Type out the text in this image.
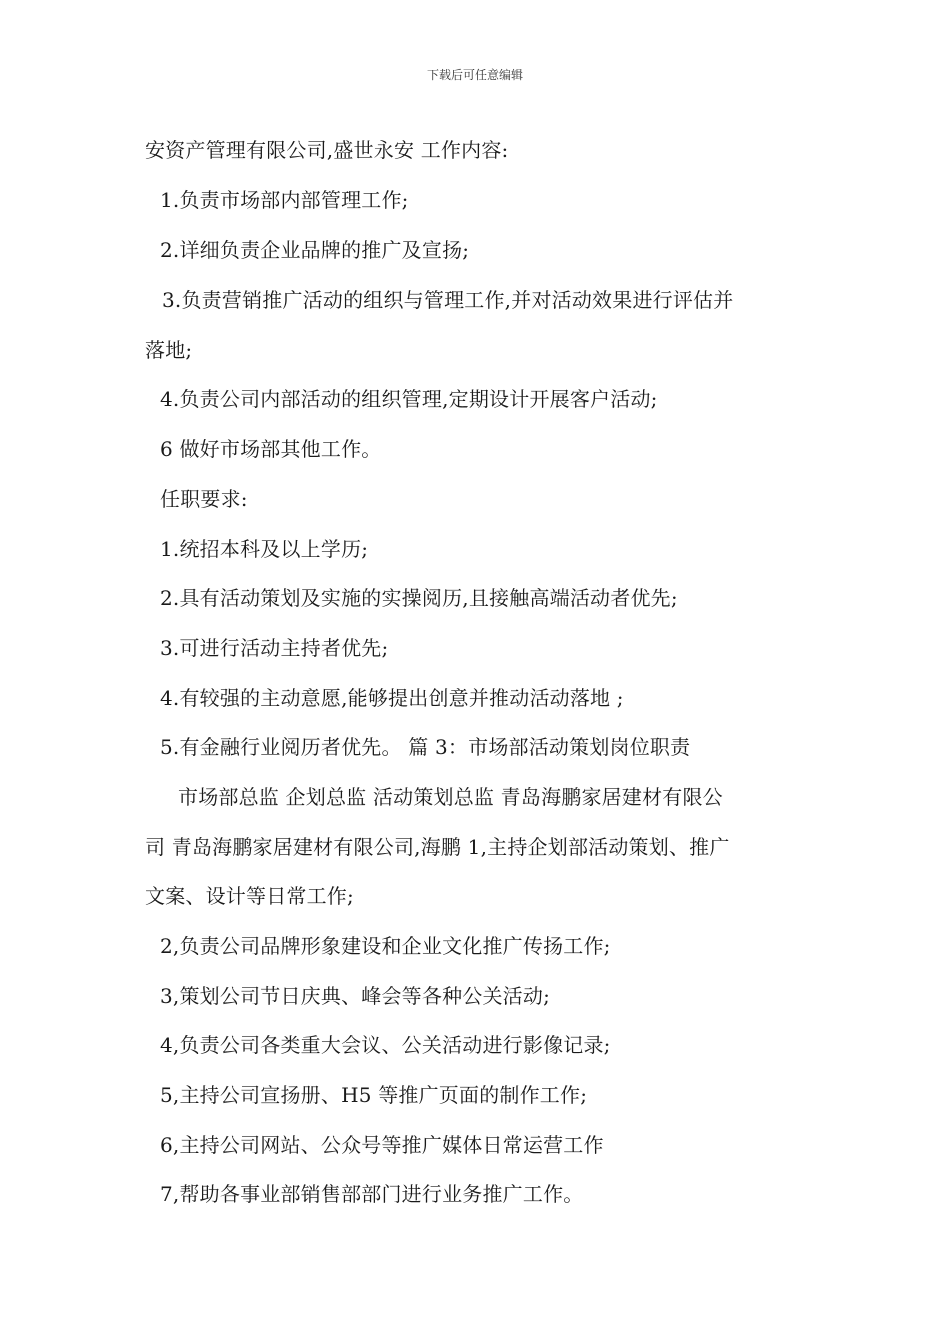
下载后可任意编辑
安资产管理有限公司,盛世永安 工作内容:
1.负责市场部内部管理工作;
2.详细负责企业品牌的推广及宣扬;
3.负责营销推广活动的组织与管理工作,并对活动效果进行评估并
落地;
4.负责公司内部活动的组织管理,定期设计开展客户活动;
6 做好市场部其他工作。
任职要求:
1.统招本科及以上学历;
2.具有活动策划及实施的实操阅历,且接触高端活动者优先;
3.可进行活动主持者优先;
4.有较强的主动意愿,能够提出创意并推动活动落地 ;
5.有金融行业阅历者优先。 篇 3：市场部活动策划岗位职责
市场部总监 企划总监 活动策划总监 青岛海鹏家居建材有限公
司 青岛海鹏家居建材有限公司,海鹏 1,主持企划部活动策划、推广
文案、设计等日常工作;
2,负责公司品牌形象建设和企业文化推广传扬工作;
3,策划公司节日庆典、峰会等各种公关活动;
4,负责公司各类重大会议、公关活动进行影像记录;
5,主持公司宣扬册、H5 等推广页面的制作工作;
6,主持公司网站、公众号等推广媒体日常运营工作
7,帮助各事业部销售部部门进行业务推广工作。
